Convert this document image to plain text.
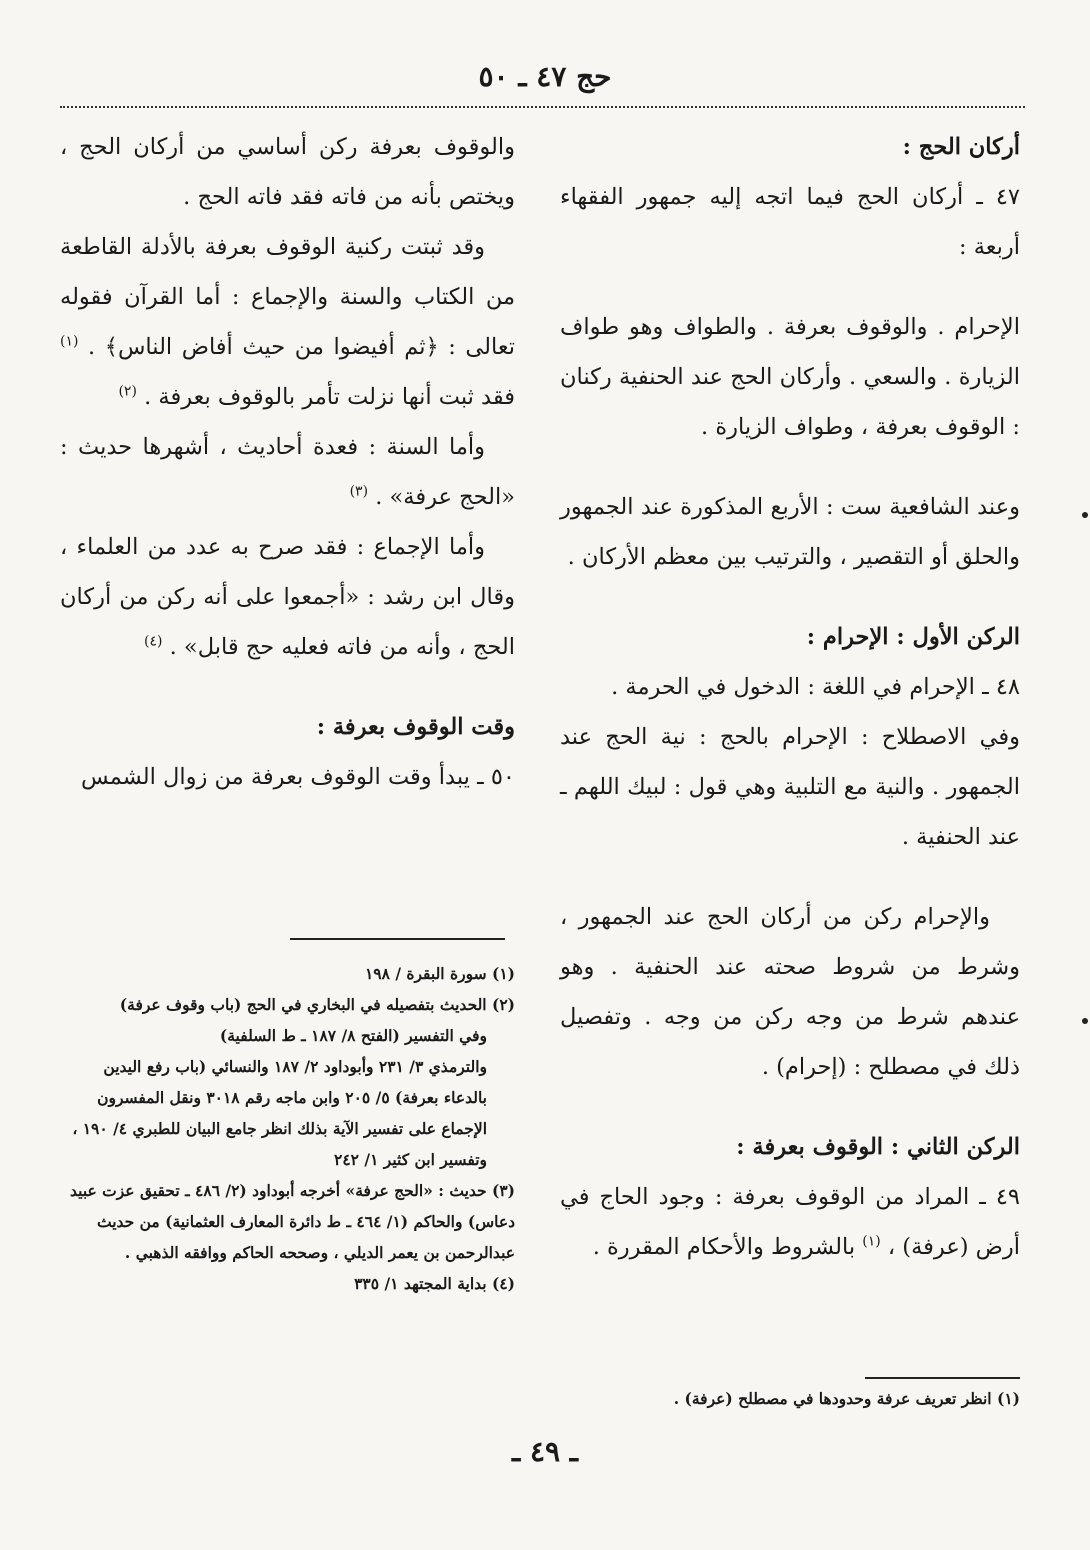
حج ٤٧ ـ ٥٠

أركان الحج :

٤٧ ـ أركان الحج فيما اتجه إليه جمهور الفقهاء أربعة :

الإحرام . والوقوف بعرفة . والطواف وهو طواف الزيارة . والسعي . وأركان الحج عند الحنفية ركنان : الوقوف بعرفة ، وطواف الزيارة .

وعند الشافعية ست : الأربع المذكورة عند الجمهور والحلق أو التقصير ، والترتيب بين معظم الأركان .

الركن الأول : الإحرام :

٤٨ ـ الإحرام في اللغة : الدخول في الحرمة .

وفي الاصطلاح : الإحرام بالحج : نية الحج عند الجمهور . والنية مع التلبية وهي قول : لبيك اللهم ـ عند الحنفية .

والإحرام ركن من أركان الحج عند الجمهور ، وشرط من شروط صحته عند الحنفية . وهو عندهم شرط من وجه ركن من وجه . وتفصيل ذلك في مصطلح : (إحرام) .

الركن الثاني : الوقوف بعرفة :

٤٩ ـ المراد من الوقوف بعرفة : وجود الحاج في أرض (عرفة) ، $^{(١)}$ بالشروط والأحكام المقررة .

(١) انظر تعريف عرفة وحدودها في مصطلح (عرفة) .

والوقوف بعرفة ركن أساسي من أركان الحج ، ويختص بأنه من فاته فقد فاته الحج .

وقد ثبتت ركنية الوقوف بعرفة بالأدلة القاطعة من الكتاب والسنة والإجماع : أما القرآن فقوله تعالى : ﴿ثم أفيضوا من حيث أفاض الناس﴾ . $^{(١)}$ فقد ثبت أنها نزلت تأمر بالوقوف بعرفة . $^{(٢)}$

وأما السنة : فعدة أحاديث ، أشهرها حديث : «الحج عرفة» . $^{(٣)}$

وأما الإجماع : فقد صرح به عدد من العلماء ، وقال ابن رشد : «أجمعوا على أنه ركن من أركان الحج ، وأنه من فاته فعليه حج قابل» . $^{(٤)}$

وقت الوقوف بعرفة :

٥٠ ـ يبدأ وقت الوقوف بعرفة من زوال الشمس

(١) سورة البقرة / ١٩٨

(٢) الحديث بتفصيله في البخاري في الحج (باب وقوف عرفة)

وفي التفسير (الفتح ٨/ ١٨٧ ـ ط السلفية)

والترمذي ٣/ ٢٣١ وأبوداود ٢/ ١٨٧ والنسائي (باب رفع اليدين بالدعاء بعرفة) ٥/ ٢٠٥ وابن ماجه رقم ٣٠١٨ ونقل المفسرون الإجماع على تفسير الآية بذلك انظر جامع البيان للطبري ٤/ ١٩٠ ، وتفسير ابن كثير ١/ ٢٤٢

(٣) حديث : «الحج عرفة» أخرجه أبوداود (٢/ ٤٨٦ ـ تحقيق عزت عبيد دعاس) والحاكم (١/ ٤٦٤ ـ ط دائرة المعارف العثمانية) من حديث عبدالرحمن بن يعمر الديلي ، وصححه الحاكم ووافقه الذهبي .

(٤) بداية المجتهد ١/ ٣٣٥

ـ ٤٩ ـ
